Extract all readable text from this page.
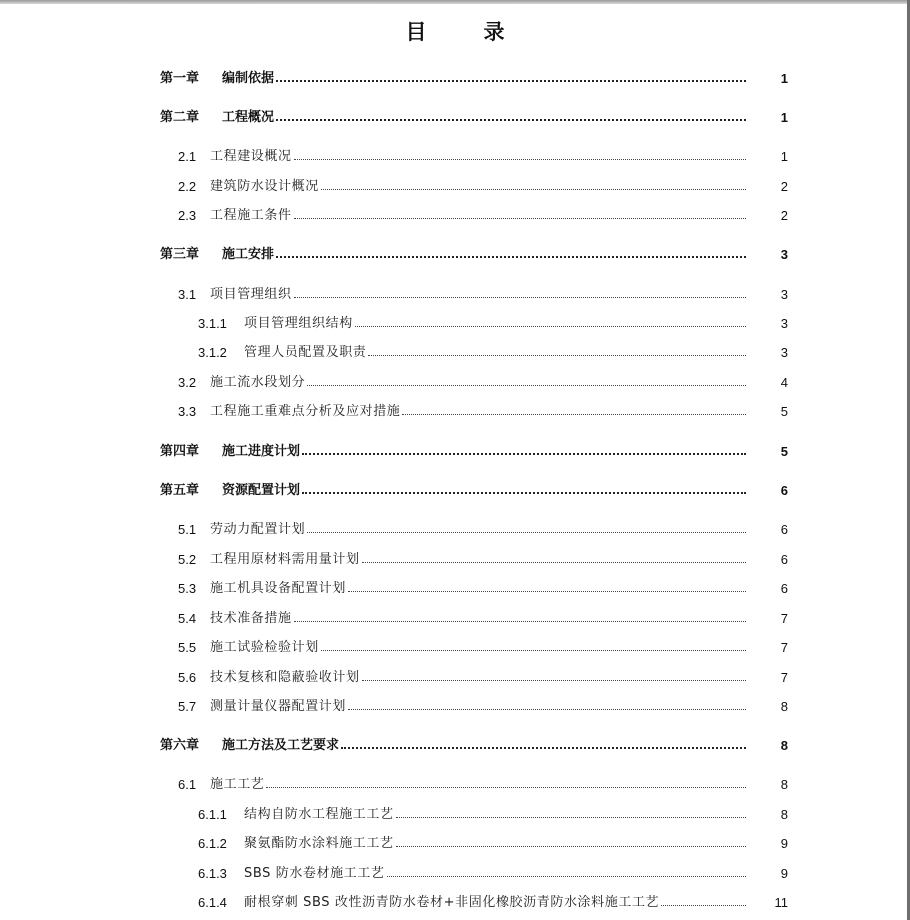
目　录
第一章	编制依据	1
第二章	工程概况	1
2.1	工程建设概况	1
2.2	建筑防水设计概况	2
2.3	工程施工条件	2
第三章	施工安排	3
3.1	项目管理组织	3
3.1.1	项目管理组织结构	3
3.1.2	管理人员配置及职责	3
3.2	施工流水段划分	4
3.3	工程施工重难点分析及应对措施	5
第四章	施工进度计划	5
第五章	资源配置计划	6
5.1	劳动力配置计划	6
5.2	工程用原材料需用量计划	6
5.3	施工机具设备配置计划	6
5.4	技术准备措施	7
5.5	施工试验检验计划	7
5.6	技术复核和隐蔽验收计划	7
5.7	测量计量仪器配置计划	8
第六章	施工方法及工艺要求	8
6.1	施工工艺	8
6.1.1	结构自防水工程施工工艺	8
6.1.2	聚氨酯防水涂料施工工艺	9
6.1.3	SBS 防水卷材施工工艺	9
6.1.4	耐根穿刺 SBS 改性沥青防水卷材+非固化橡胶沥青防水涂料施工工艺	11
